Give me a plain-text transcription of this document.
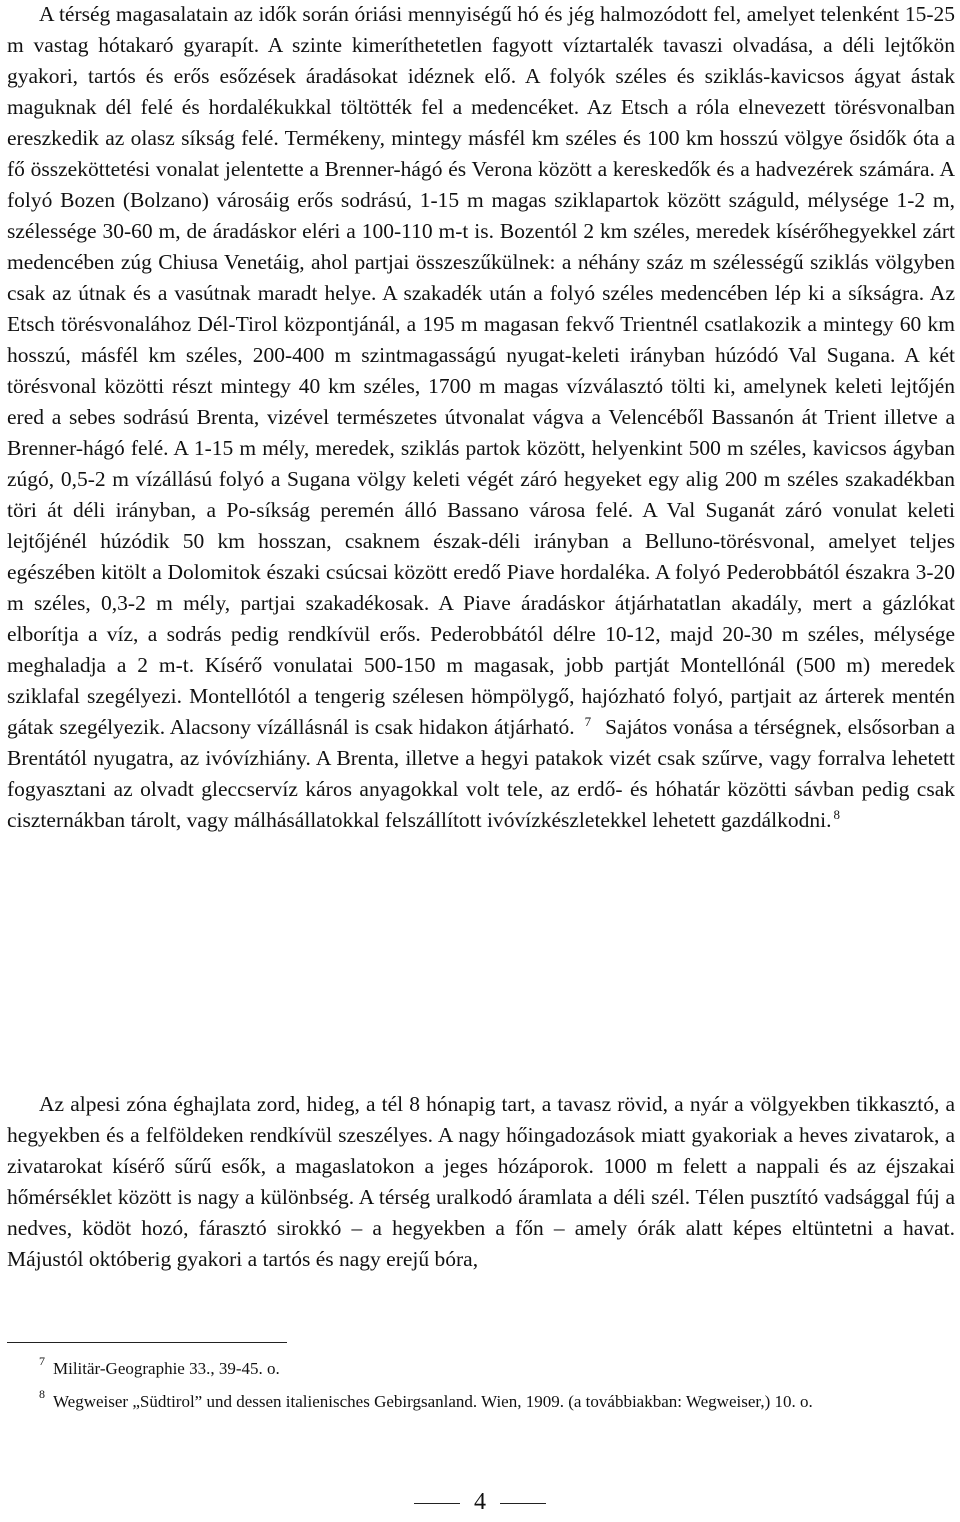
A térség magasalatain az idők során óriási mennyiségű hó és jég halmozódott fel, amelyet telenként 15-25 m vastag hótakaró gyarapít. A szinte kimeríthetetlen fagyott víztartalék tavaszi olvadása, a déli lejtőkön gyakori, tartós és erős esőzések áradásokat idéznek elő. A folyók széles és sziklás-kavicsos ágyat ástak maguknak dél felé és hordalékukkal töltötték fel a medencéket. Az Etsch a róla elnevezett törésvonalban ereszkedik az olasz síkság felé. Termékeny, mintegy másfél km széles és 100 km hosszú völgye ősidők óta a fő összeköttetési vonalat jelentette a Brenner-hágó és Verona között a kereskedők és a hadvezérek számára. A folyó Bozen (Bolzano) városáig erős sodrású, 1-15 m magas sziklapartok között száguld, mélysége 1-2 m, szélessége 30-60 m, de áradáskor eléri a 100-110 m-t is. Bozentól 2 km széles, meredek kísérőhegyekkel zárt medencében zúg Chiusa Venetáig, ahol partjai összeszűkülnek: a néhány száz m szélességű sziklás völgyben csak az útnak és a vasútnak maradt helye. A szakadék után a folyó széles medencében lép ki a síkságra. Az Etsch törésvonalához Dél-Tirol központjánál, a 195 m magasan fekvő Trientnél csatlakozik a mintegy 60 km hosszú, másfél km széles, 200-400 m szintmagasságú nyugat-keleti irányban húzódó Val Sugana. A két törésvonal közötti részt mintegy 40 km széles, 1700 m magas vízválasztó tölti ki, amelynek keleti lejtőjén ered a sebes sodrású Brenta, vizével természetes útvonalat vágva a Velencéből Bassanón át Trient illetve a Brenner-hágó felé. A 1-15 m mély, meredek, sziklás partok között, helyenkint 500 m széles, kavicsos ágyban zúgó, 0,5-2 m vízállású folyó a Sugana völgy keleti végét záró hegyeket egy alig 200 m széles szakadékban töri át déli irányban, a Po-síkság peremén álló Bassano városa felé. A Val Suganát záró vonulat keleti lejtőjénél húzódik 50 km hosszan, csaknem észak-déli irányban a Belluno-törésvonal, amelyet teljes egészében kitölt a Dolomitok északi csúcsai között eredő Piave hordaléka. A folyó Pederobbától északra 3-20 m széles, 0,3-2 m mély, partjai szakadékosak. A Piave áradáskor átjárhatatlan akadály, mert a gázlókat elborítja a víz, a sodrás pedig rendkívül erős. Pederobbától délre 10-12, majd 20-30 m széles, mélysége meghaladja a 2 m-t. Kísérő vonulatai 500-150 m magasak, jobb partját Montellónál (500 m) meredek sziklafal szegélyezi. Montellótól a tengerig szélesen hömpölygő, hajózható folyó, partjait az árterek mentén gátak szegélyezik. Alacsony vízállásnál is csak hidakon átjárható. $^7$ Sajátos vonása a térségnek, elsősorban a Brentától nyugatra, az ivóvízhiány. A Brenta, illetve a hegyi patakok vizét csak szűrve, vagy forralva lehetett fogyasztani az olvadt gleccservíz káros anyagokkal volt tele, az erdő- és hóhatár közötti sávban pedig csak ciszternákban tárolt, vagy málhásállatokkal felszállított ivóvízkészletekkel lehetett gazdálkodni. $^8$

Az alpesi zóna éghajlata zord, hideg, a tél 8 hónapig tart, a tavasz rövid, a nyár a völgyekben tikkasztó, a hegyekben és a felföldeken rendkívül szeszélyes. A nagy hőingadozások miatt gyakoriak a heves zivatarok, a zivatarokat kísérő sűrű esők, a magaslatokon a jeges hózáporok. 1000 m felett a nappali és az éjszakai hőmérséklet között is nagy a különbség. A térség uralkodó áramlata a déli szél. Télen pusztító vadsággal fúj a nedves, ködöt hozó, fárasztó sirokkó – a hegyekben a főn – amely órák alatt képes eltüntetni a havat. Májustól októberig gyakori a tartós és nagy erejű bóra,

$^7$ Militär-Geographie 33., 39-45. o.

$^8$ Wegweiser „Südtirol” und dessen italienisches Gebirgsanland. Wien, 1909. (a továbbiakban: Wegweiser,) 10. o.

4
